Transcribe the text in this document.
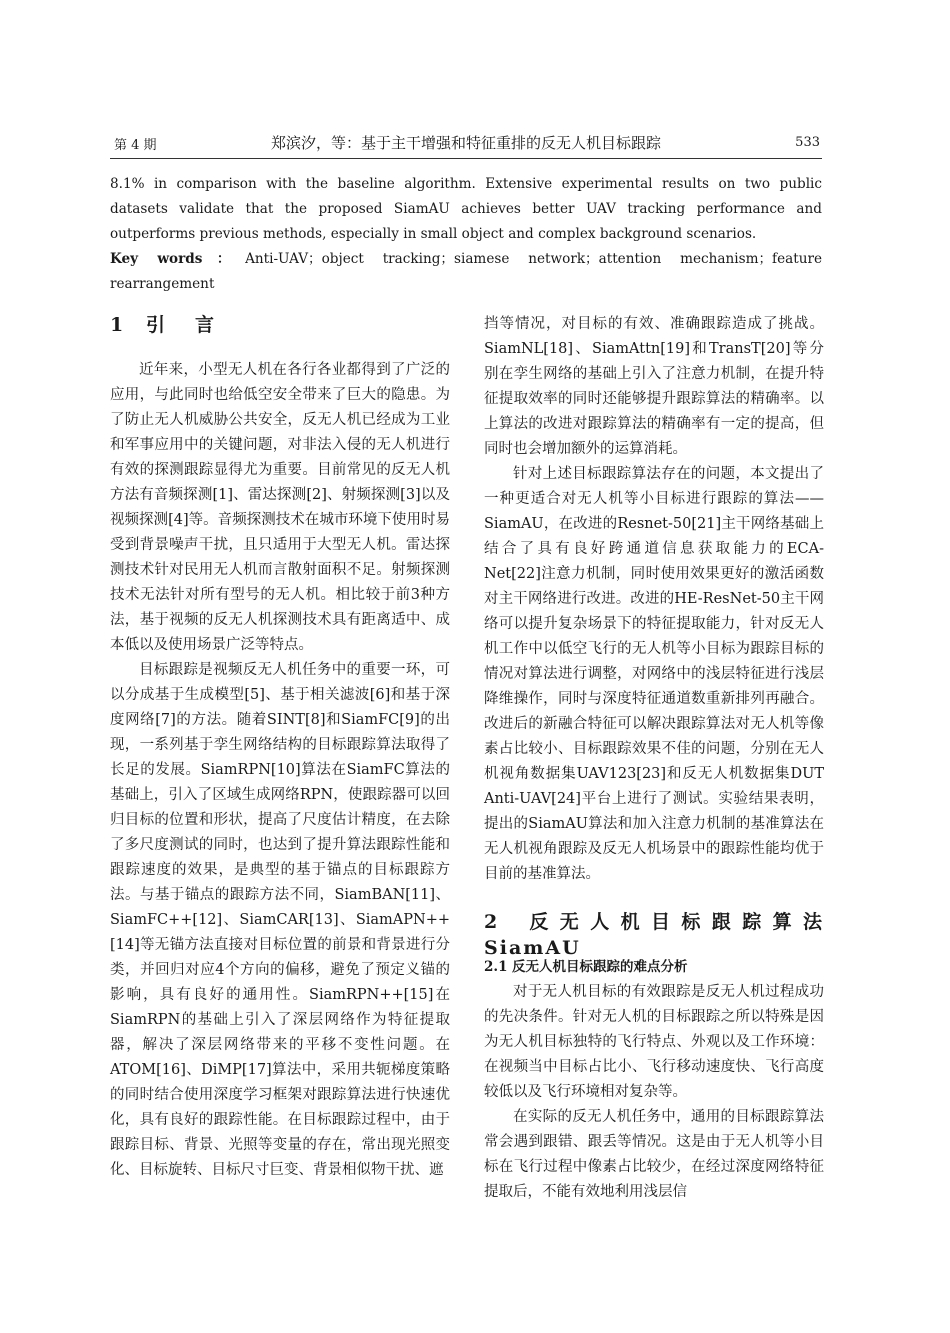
第 4 期	郑滨汐，等：基于主干增强和特征重排的反无人机目标跟踪	533

8.1% in comparison with the baseline algorithm. Extensive experimental results on two public datasets validate that the proposed SiamAU achieves better UAV tracking performance and outperforms previous methods, especially in small object and complex background scenarios.

Key words：Anti-UAV；object tracking；siamese network；attention mechanism；feature rearrangement

1 引言

近年来，小型无人机在各行各业都得到了广泛的应用，与此同时也给低空安全带来了巨大的隐患。为了防止无人机威胁公共安全，反无人机已经成为工业和军事应用中的关键问题，对非法入侵的无人机进行有效的探测跟踪显得尤为重要。目前常见的反无人机方法有音频探测[1]、雷达探测[2]、射频探测[3]以及视频探测[4]等。音频探测技术在城市环境下使用时易受到背景噪声干扰，且只适用于大型无人机。雷达探测技术针对民用无人机而言散射面积不足。射频探测技术无法针对所有型号的无人机。相比较于前3种方法，基于视频的反无人机探测技术具有距离适中、成本低以及使用场景广泛等特点。

目标跟踪是视频反无人机任务中的重要一环，可以分成基于生成模型[5]、基于相关滤波[6]和基于深度网络[7]的方法。随着SINT[8]和SiamFC[9]的出现，一系列基于孪生网络结构的目标跟踪算法取得了长足的发展。SiamRPN[10]算法在SiamFC算法的基础上，引入了区域生成网络RPN，使跟踪器可以回归目标的位置和形状，提高了尺度估计精度，在去除了多尺度测试的同时，也达到了提升算法跟踪性能和跟踪速度的效果，是典型的基于锚点的目标跟踪方法。与基于锚点的跟踪方法不同，SiamBAN[11]、SiamFC++[12]、SiamCAR[13]、SiamAPN++[14]等无锚方法直接对目标位置的前景和背景进行分类，并回归对应4个方向的偏移，避免了预定义锚的影响，具有良好的通用性。SiamRPN++[15]在SiamRPN的基础上引入了深层网络作为特征提取器，解决了深层网络带来的平移不变性问题。在ATOM[16]、DiMP[17]算法中，采用共轭梯度策略的同时结合使用深度学习框架对跟踪算法进行快速优化，具有良好的跟踪性能。在目标跟踪过程中，由于跟踪目标、背景、光照等变量的存在，常出现光照变化、目标旋转、目标尺寸巨变、背景相似物干扰、遮

挡等情况，对目标的有效、准确跟踪造成了挑战。SiamNL[18]、SiamAttn[19]和TransT[20]等分别在孪生网络的基础上引入了注意力机制，在提升特征提取效率的同时还能够提升跟踪算法的精确率。以上算法的改进对跟踪算法的精确率有一定的提高，但同时也会增加额外的运算消耗。

针对上述目标跟踪算法存在的问题，本文提出了一种更适合对无人机等小目标进行跟踪的算法——SiamAU，在改进的Resnet-50[21]主干网络基础上结合了具有良好跨通道信息获取能力的ECA-Net[22]注意力机制，同时使用效果更好的激活函数对主干网络进行改进。改进的HE-ResNet-50主干网络可以提升复杂场景下的特征提取能力，针对反无人机工作中以低空飞行的无人机等小目标为跟踪目标的情况对算法进行调整，对网络中的浅层特征进行浅层降维操作，同时与深度特征通道数重新排列再融合。改进后的新融合特征可以解决跟踪算法对无人机等像素占比较小、目标跟踪效果不佳的问题，分别在无人机视角数据集UAV123[23]和反无人机数据集DUT Anti-UAV[24]平台上进行了测试。实验结果表明，提出的SiamAU算法和加入注意力机制的基准算法在无人机视角跟踪及反无人机场景中的跟踪性能均优于目前的基准算法。

2 反无人机目标跟踪算法SiamAU
2.1 反无人机目标跟踪的难点分析

对于无人机目标的有效跟踪是反无人机过程成功的先决条件。针对无人机的目标跟踪之所以特殊是因为无人机目标独特的飞行特点、外观以及工作环境：在视频当中目标占比小、飞行移动速度快、飞行高度较低以及飞行环境相对复杂等。

在实际的反无人机任务中，通用的目标跟踪算法常会遇到跟错、跟丢等情况。这是由于无人机等小目标在飞行过程中像素占比较少，在经过深度网络特征提取后，不能有效地利用浅层信
